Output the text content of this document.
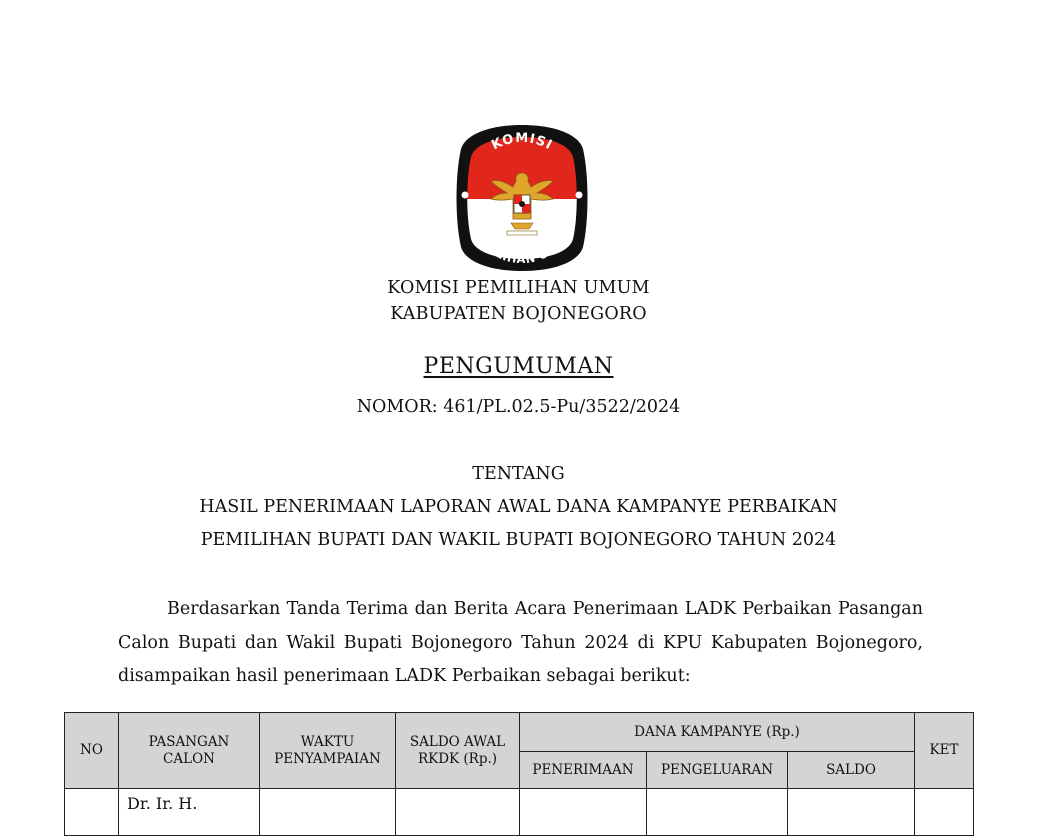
KOMISI
PEMILIHAN UMUM
KOMISI PEMILIHAN UMUM
KABUPATEN BOJONEGORO
PENGUMUMAN
NOMOR: 461/PL.02.5-Pu/3522/2024
TENTANG
HASIL PENERIMAAN LAPORAN AWAL DANA KAMPANYE PERBAIKAN
PEMILIHAN BUPATI DAN WAKIL BUPATI BOJONEGORO TAHUN 2024

Berdasarkan Tanda Terima dan Berita Acara Penerimaan LADK Perbaikan Pasangan Calon Bupati dan Wakil Bupati Bojonegoro Tahun 2024 di KPU Kabupaten Bojonegoro, disampaikan hasil penerimaan LADK Perbaikan sebagai berikut:

NO	PASANGAN CALON	WAKTU PENYAMPAIAN	SALDO AWAL RKDK (Rp.)	DANA KAMPANYE (Rp.)			KET
				PENERIMAAN	PENGELUARAN	SALDO	
	Dr. Ir. H.						
